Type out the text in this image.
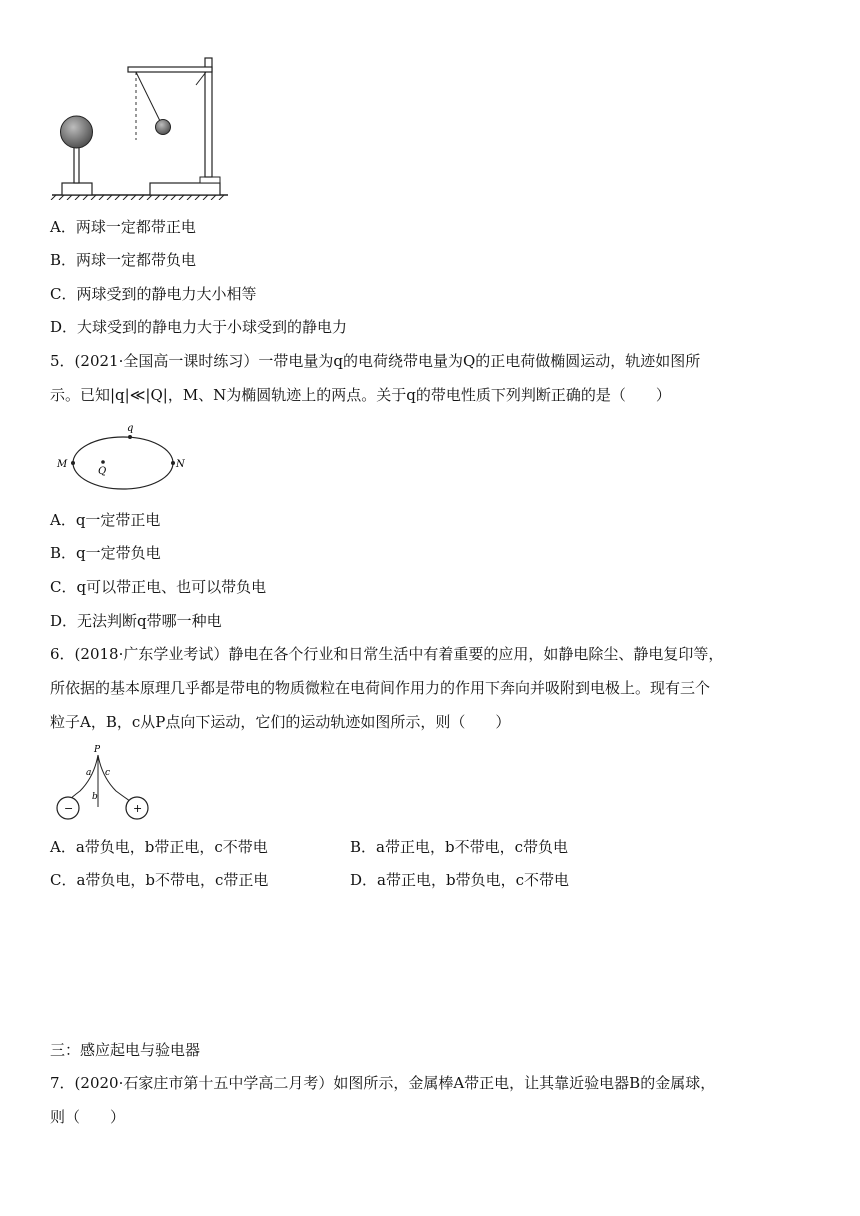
A．两球一定都带正电
B．两球一定都带负电
C．两球受到的静电力大小相等
D．大球受到的静电力大于小球受到的静电力
5．(2021·全国高一课时练习）一带电量为q的电荷绕带电量为Q的正电荷做椭圆运动，轨迹如图所
示。已知|q|≪|Q|，M、N为椭圆轨迹上的两点。关于q的带电性质下列判断正确的是（　　）
M	N
q
Q
A．q一定带正电
B．q一定带负电
C．q可以带正电、也可以带负电
D．无法判断q带哪一种电
6．(2018·广东学业考试）静电在各个行业和日常生活中有着重要的应用，如静电除尘、静电复印等，
所依据的基本原理几乎都是带电的物质微粒在电荷间作用力的作用下奔向并吸附到电极上。现有三个
粒子A，B，c从P点向下运动，它们的运动轨迹如图所示，则（　　）
−	+
P
a
b
c
A．a带负电，b带正电，c不带电	B．a带正电，b不带电，c带负电
C．a带负电，b不带电，c带正电	D．a带正电，b带负电，c不带电
三：感应起电与验电器
7．(2020·石家庄市第十五中学高二月考）如图所示，金属棒A带正电，让其靠近验电器B的金属球，
则（　　）
